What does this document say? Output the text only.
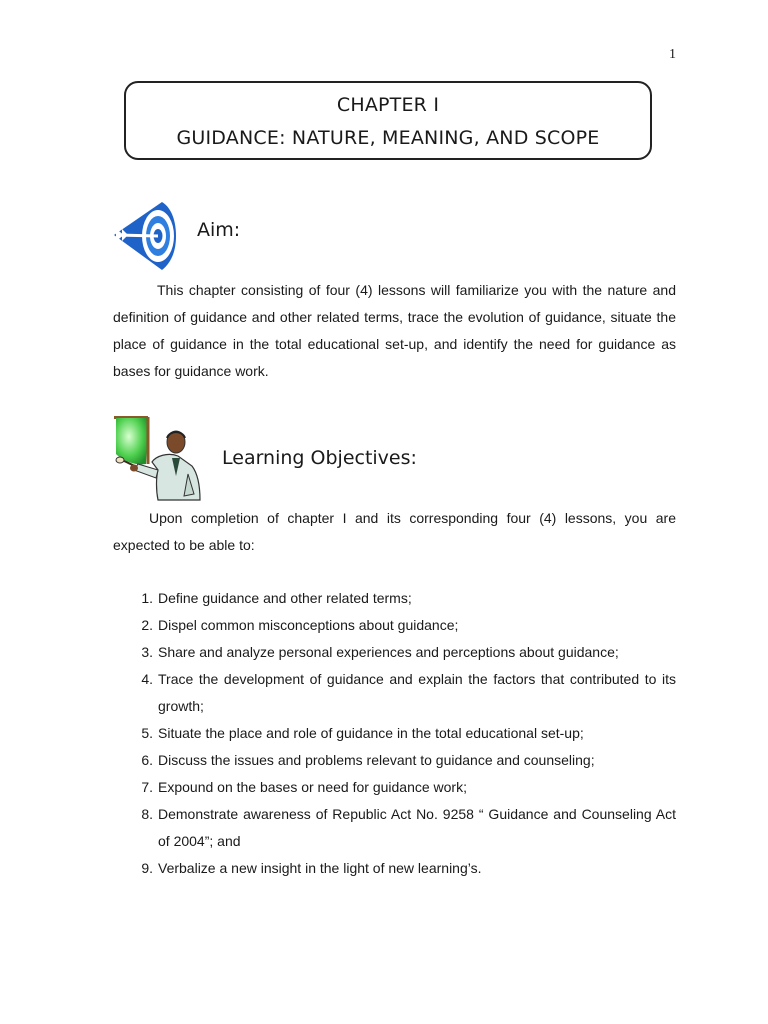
1
CHAPTER I
GUIDANCE: NATURE, MEANING, AND SCOPE
Aim:
This chapter consisting of four (4) lessons will familiarize you with the nature and definition of guidance and other related terms, trace the evolution of guidance, situate the place of guidance in the total educational set-up, and identify the need for guidance as bases for guidance work.
Learning Objectives:
Upon completion of chapter I and its corresponding four (4) lessons, you are expected to be able to:
1. Define guidance and other related terms;
2. Dispel common misconceptions about guidance;
3. Share and analyze personal experiences and perceptions about guidance;
4. Trace the development of guidance and explain the factors that contributed to its growth;
5. Situate the place and role of guidance in the total educational set-up;
6. Discuss the issues and problems relevant to guidance and counseling;
7. Expound on the bases or need for guidance work;
8. Demonstrate awareness of Republic Act No. 9258 “ Guidance and Counseling Act of 2004”; and
9. Verbalize a new insight in the light of new learning’s.
